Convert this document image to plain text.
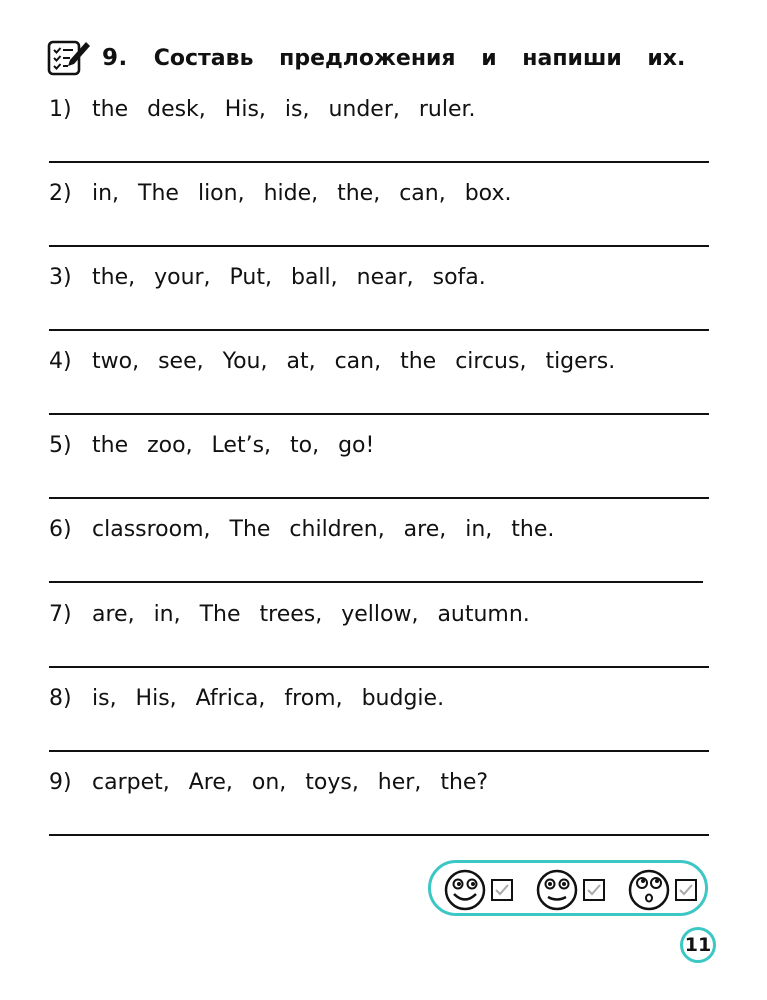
9. Составь предложения и напиши их.
1) the desk, His, is, under, ruler.
2) in, The lion, hide, the, can, box.
3) the, your, Put, ball, near, sofa.
4) two, see, You, at, can, the circus, tigers.
5) the zoo, Let’s, to, go!
6) classroom, The children, are, in, the.
7) are, in, The trees, yellow, autumn.
8) is, His, Africa, from, budgie.
9) carpet, Are, on, toys, her, the?
11
